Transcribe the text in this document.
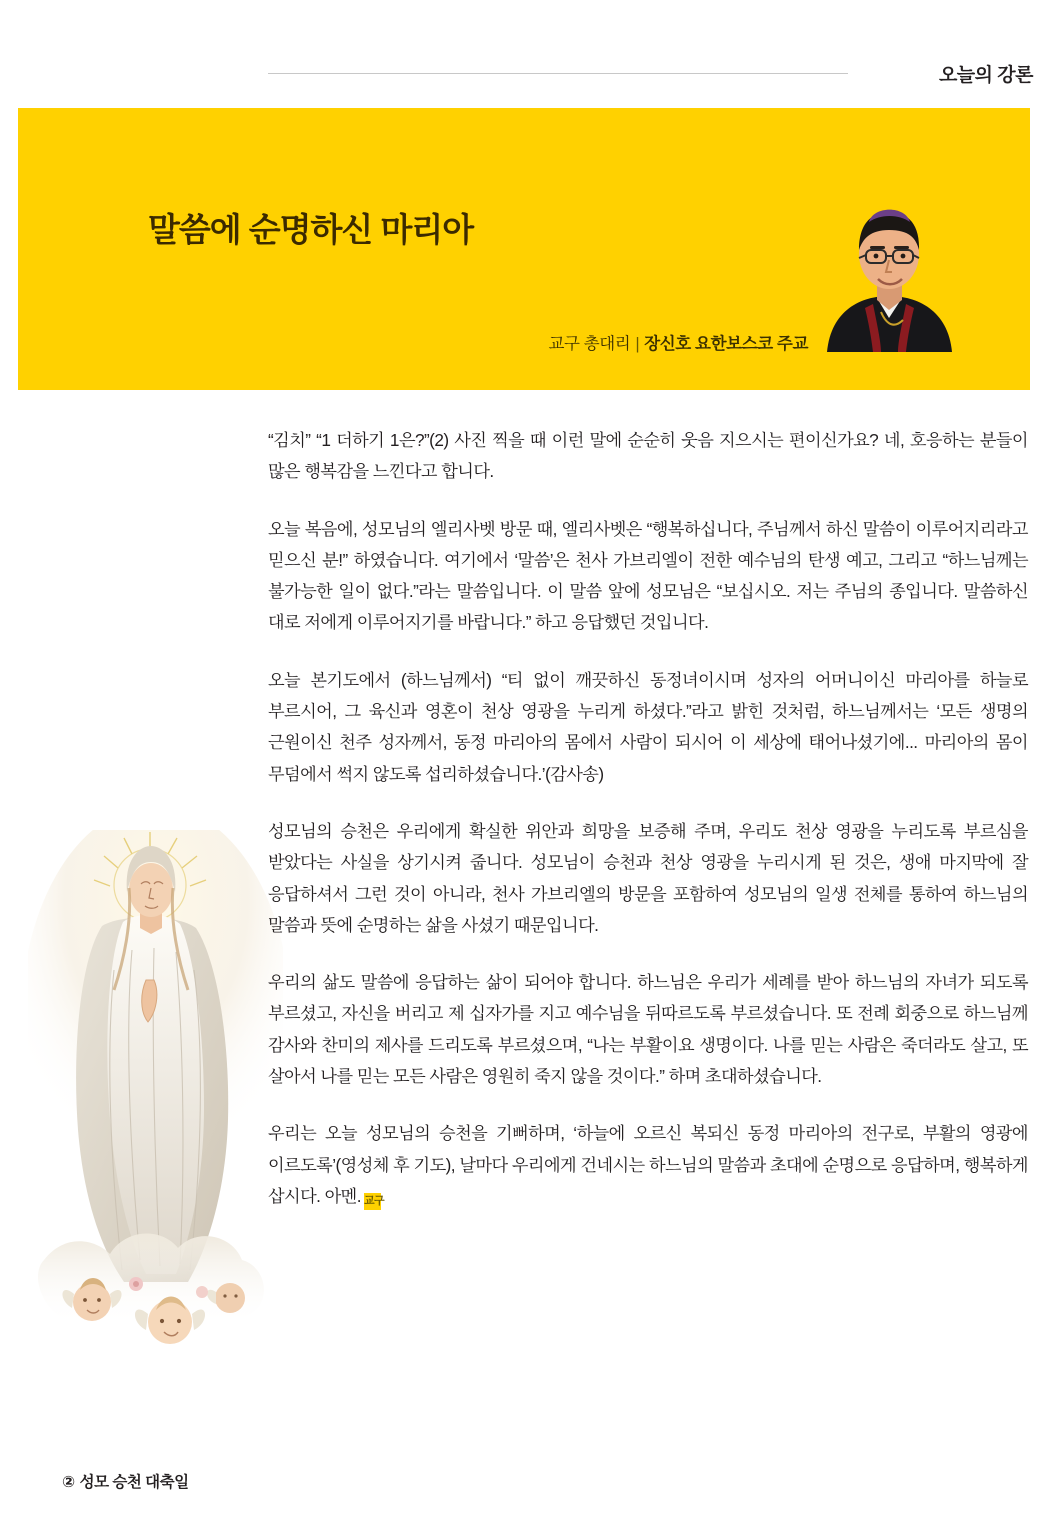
오늘의 강론
말씀에 순명하신 마리아
교구 총대리 | 장신호 요한보스코 주교

“김치” “1 더하기 1은?”(2) 사진 찍을 때 이런 말에 순순히 웃음 지으시는 편이신가요? 네, 호응하는 분들이 많은 행복감을 느낀다고 합니다.

오늘 복음에, 성모님의 엘리사벳 방문 때, 엘리사벳은 “행복하십니다, 주님께서 하신 말씀이 이루어지리라고 믿으신 분!” 하였습니다. 여기에서 ‘말씀’은 천사 가브리엘이 전한 예수님의 탄생 예고, 그리고 “하느님께는 불가능한 일이 없다.”라는 말씀입니다. 이 말씀 앞에 성모님은 “보십시오. 저는 주님의 종입니다. 말씀하신 대로 저에게 이루어지기를 바랍니다.” 하고 응답했던 것입니다.

오늘 본기도에서 (하느님께서) “티 없이 깨끗하신 동정녀이시며 성자의 어머니이신 마리아를 하늘로 부르시어, 그 육신과 영혼이 천상 영광을 누리게 하셨다.”라고 밝힌 것처럼, 하느님께서는 ‘모든 생명의 근원이신 천주 성자께서, 동정 마리아의 몸에서 사람이 되시어 이 세상에 태어나셨기에... 마리아의 몸이 무덤에서 썩지 않도록 섭리하셨습니다.’(감사송)

성모님의 승천은 우리에게 확실한 위안과 희망을 보증해 주며, 우리도 천상 영광을 누리도록 부르심을 받았다는 사실을 상기시켜 줍니다. 성모님이 승천과 천상 영광을 누리시게 된 것은, 생애 마지막에 잘 응답하셔서 그런 것이 아니라, 천사 가브리엘의 방문을 포함하여 성모님의 일생 전체를 통하여 하느님의 말씀과 뜻에 순명하는 삶을 사셨기 때문입니다.

우리의 삶도 말씀에 응답하는 삶이 되어야 합니다. 하느님은 우리가 세례를 받아 하느님의 자녀가 되도록 부르셨고, 자신을 버리고 제 십자가를 지고 예수님을 뒤따르도록 부르셨습니다. 또 전례 회중으로 하느님께 감사와 찬미의 제사를 드리도록 부르셨으며, “나는 부활이요 생명이다. 나를 믿는 사람은 죽더라도 살고, 또 살아서 나를 믿는 모든 사람은 영원히 죽지 않을 것이다.” 하며 초대하셨습니다.

우리는 오늘 성모님의 승천을 기뻐하며, ‘하늘에 오르신 복되신 동정 마리아의 전구로, 부활의 영광에 이르도록’(영성체 후 기도), 날마다 우리에게 건네시는 하느님의 말씀과 초대에 순명으로 응답하며, 행복하게 삽시다. 아멘. 교구

② 성모 승천 대축일
